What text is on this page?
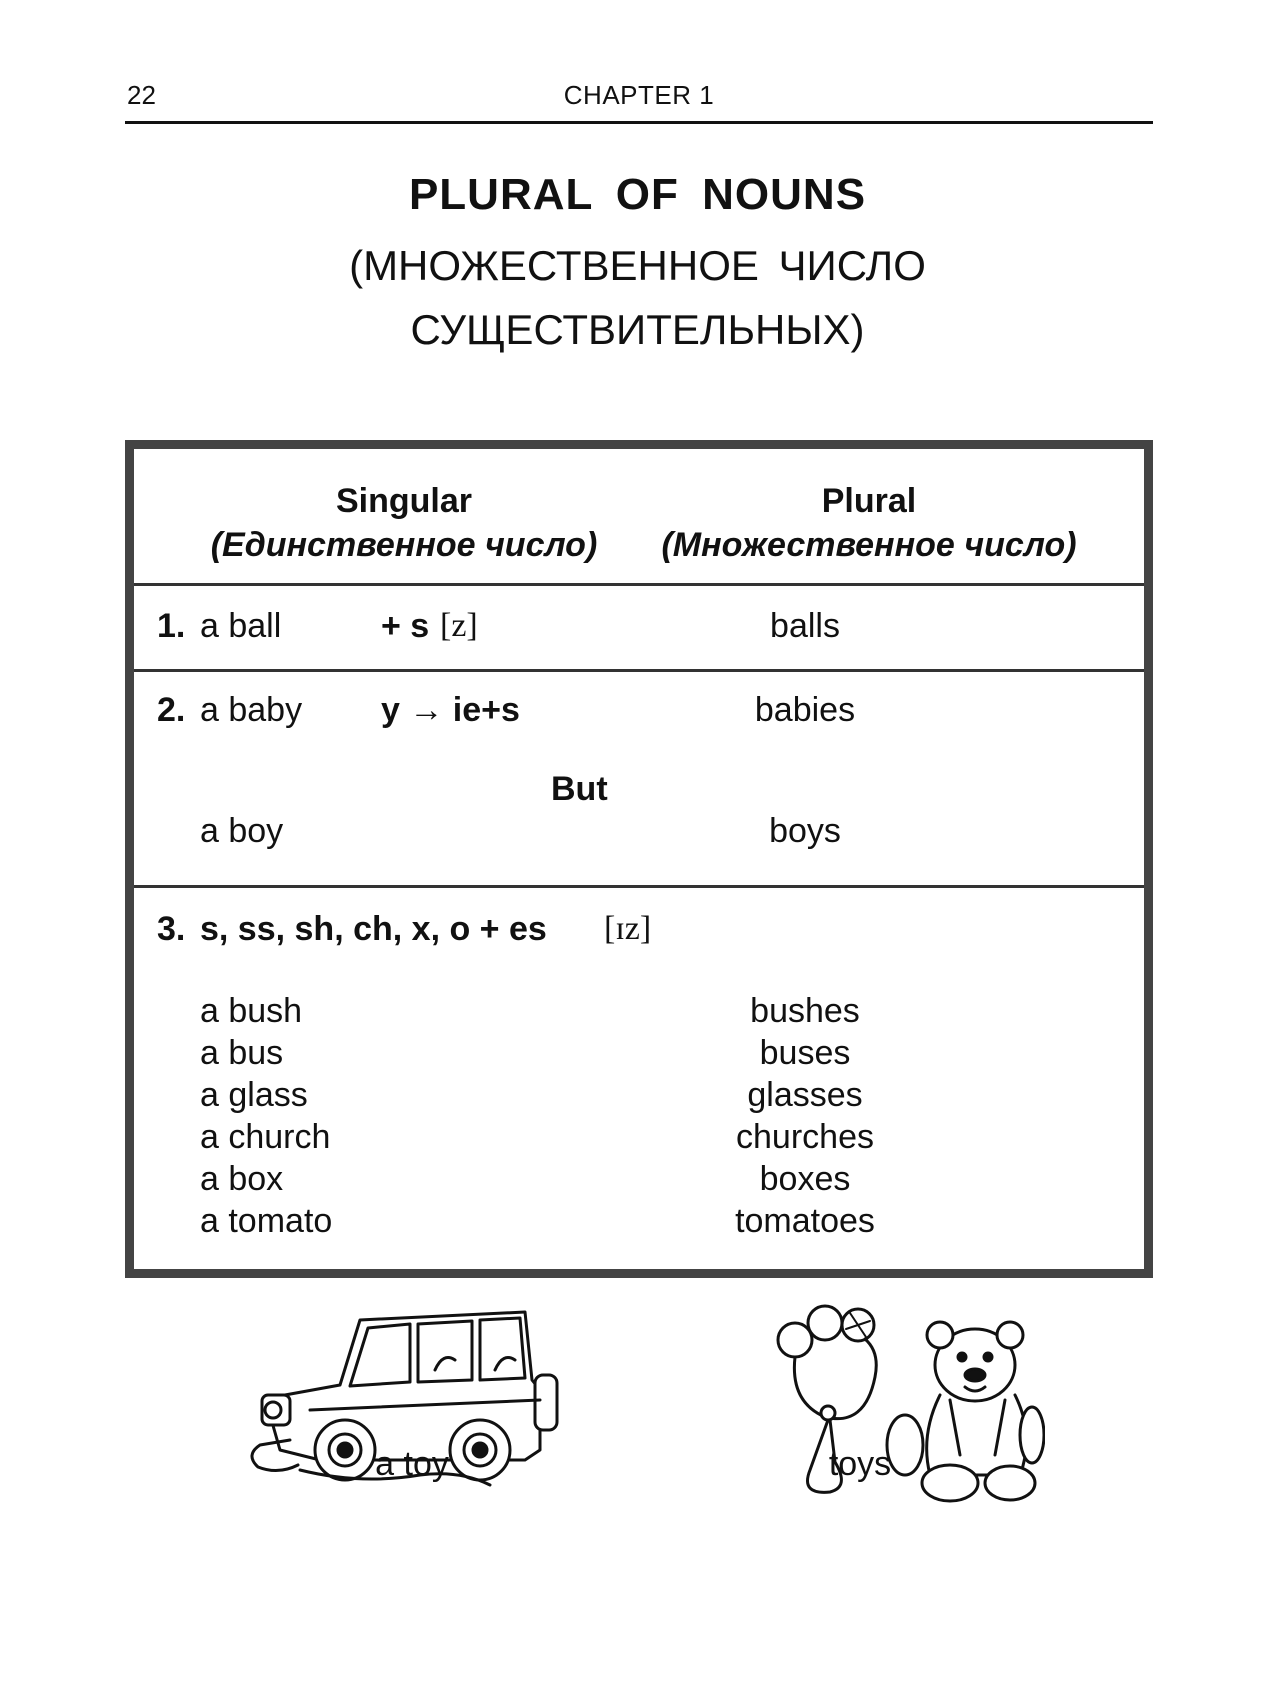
22	CHAPTER 1
PLURAL OF NOUNS
(МНОЖЕСТВЕННОЕ ЧИСЛО
СУЩЕСТВИТЕЛЬНЫХ)
Singular
(Единственное число)
Plural
(Множественное число)
1. a ball	+ s [z]	balls
2. a baby y → ie+s	babies
But
a boy	boys
3. s, ss, sh, ch, x, o + es [ɪz]
a bush	bushes
a bus	buses
a glass	glasses
a church	churches
a box	boxes
a tomato	tomatoes
a toy	toys
